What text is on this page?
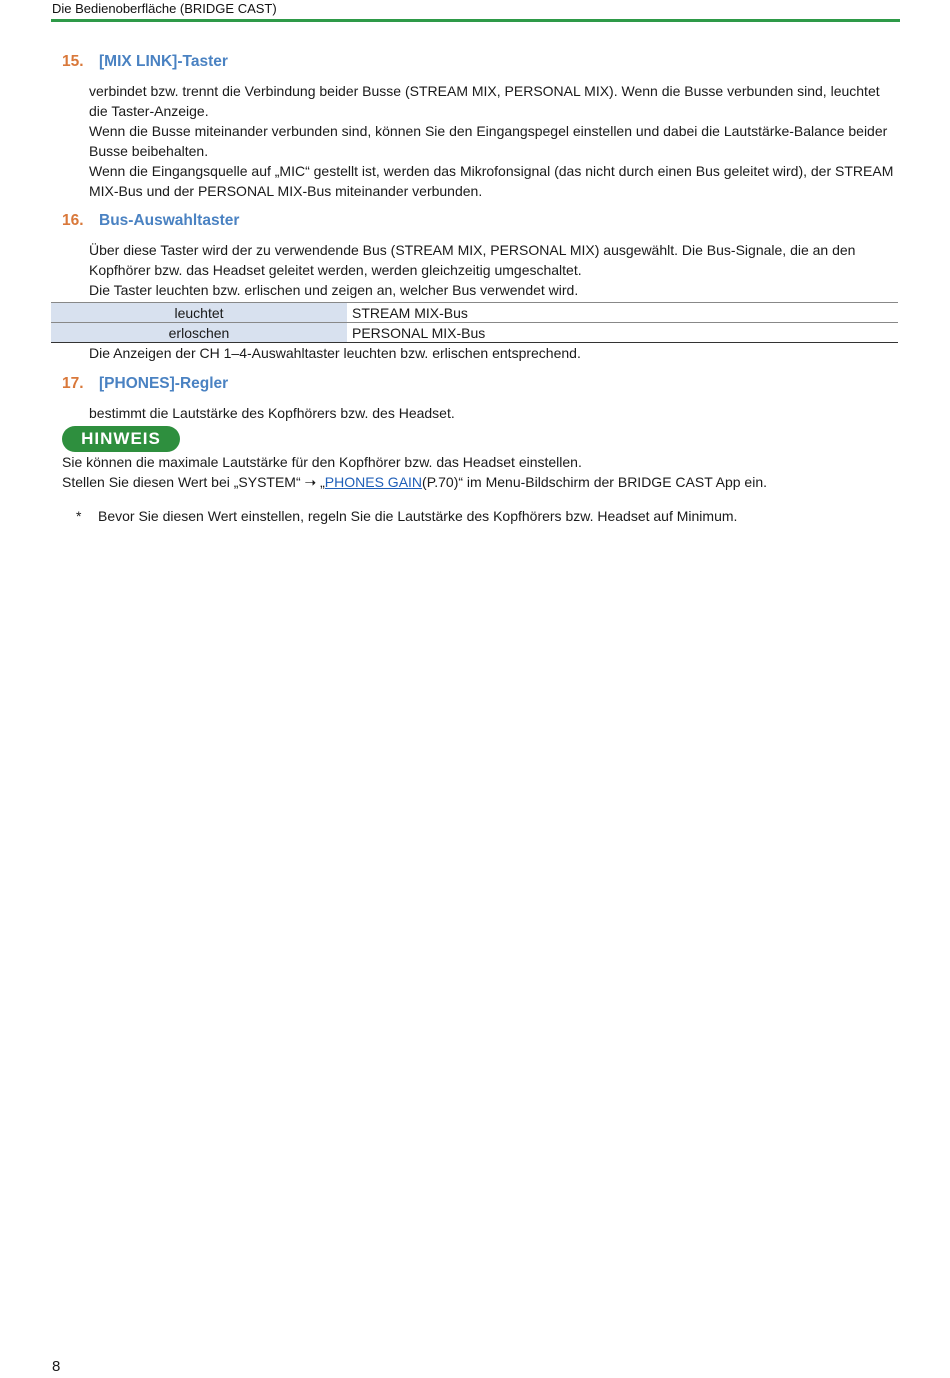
Die Bedienoberfläche (BRIDGE CAST)
15. [MIX LINK]-Taster

verbindet bzw. trennt die Verbindung beider Busse (STREAM MIX, PERSONAL MIX). Wenn die Busse verbunden sind, leuchtet die Taster-Anzeige.

Wenn die Busse miteinander verbunden sind, können Sie den Eingangspegel einstellen und dabei die Lautstärke-Balance beider Busse beibehalten.

Wenn die Eingangsquelle auf „MIC“ gestellt ist, werden das Mikrofonsignal (das nicht durch einen Bus geleitet wird), der STREAM MIX-Bus und der PERSONAL MIX-Bus miteinander verbunden.

16. Bus-Auswahltaster

Über diese Taster wird der zu verwendende Bus (STREAM MIX, PERSONAL MIX) ausgewählt. Die Bus-Signale, die an den Kopfhörer bzw. das Headset geleitet werden, werden gleichzeitig umgeschaltet.

Die Taster leuchten bzw. erlischen und zeigen an, welcher Bus verwendet wird.

leuchtet	STREAM MIX-Bus
erloschen	PERSONAL MIX-Bus

Die Anzeigen der CH 1–4-Auswahltaster leuchten bzw. erlischen entsprechend.

17. [PHONES]-Regler

bestimmt die Lautstärke des Kopfhörers bzw. des Headset.

HINWEIS

Sie können die maximale Lautstärke für den Kopfhörer bzw. das Headset einstellen.

Stellen Sie diesen Wert bei „SYSTEM“ ➝ „PHONES GAIN(P.70)“ im Menu-Bildschirm der BRIDGE CAST App ein.

*	Bevor Sie diesen Wert einstellen, regeln Sie die Lautstärke des Kopfhörers bzw. Headset auf Minimum.
8
